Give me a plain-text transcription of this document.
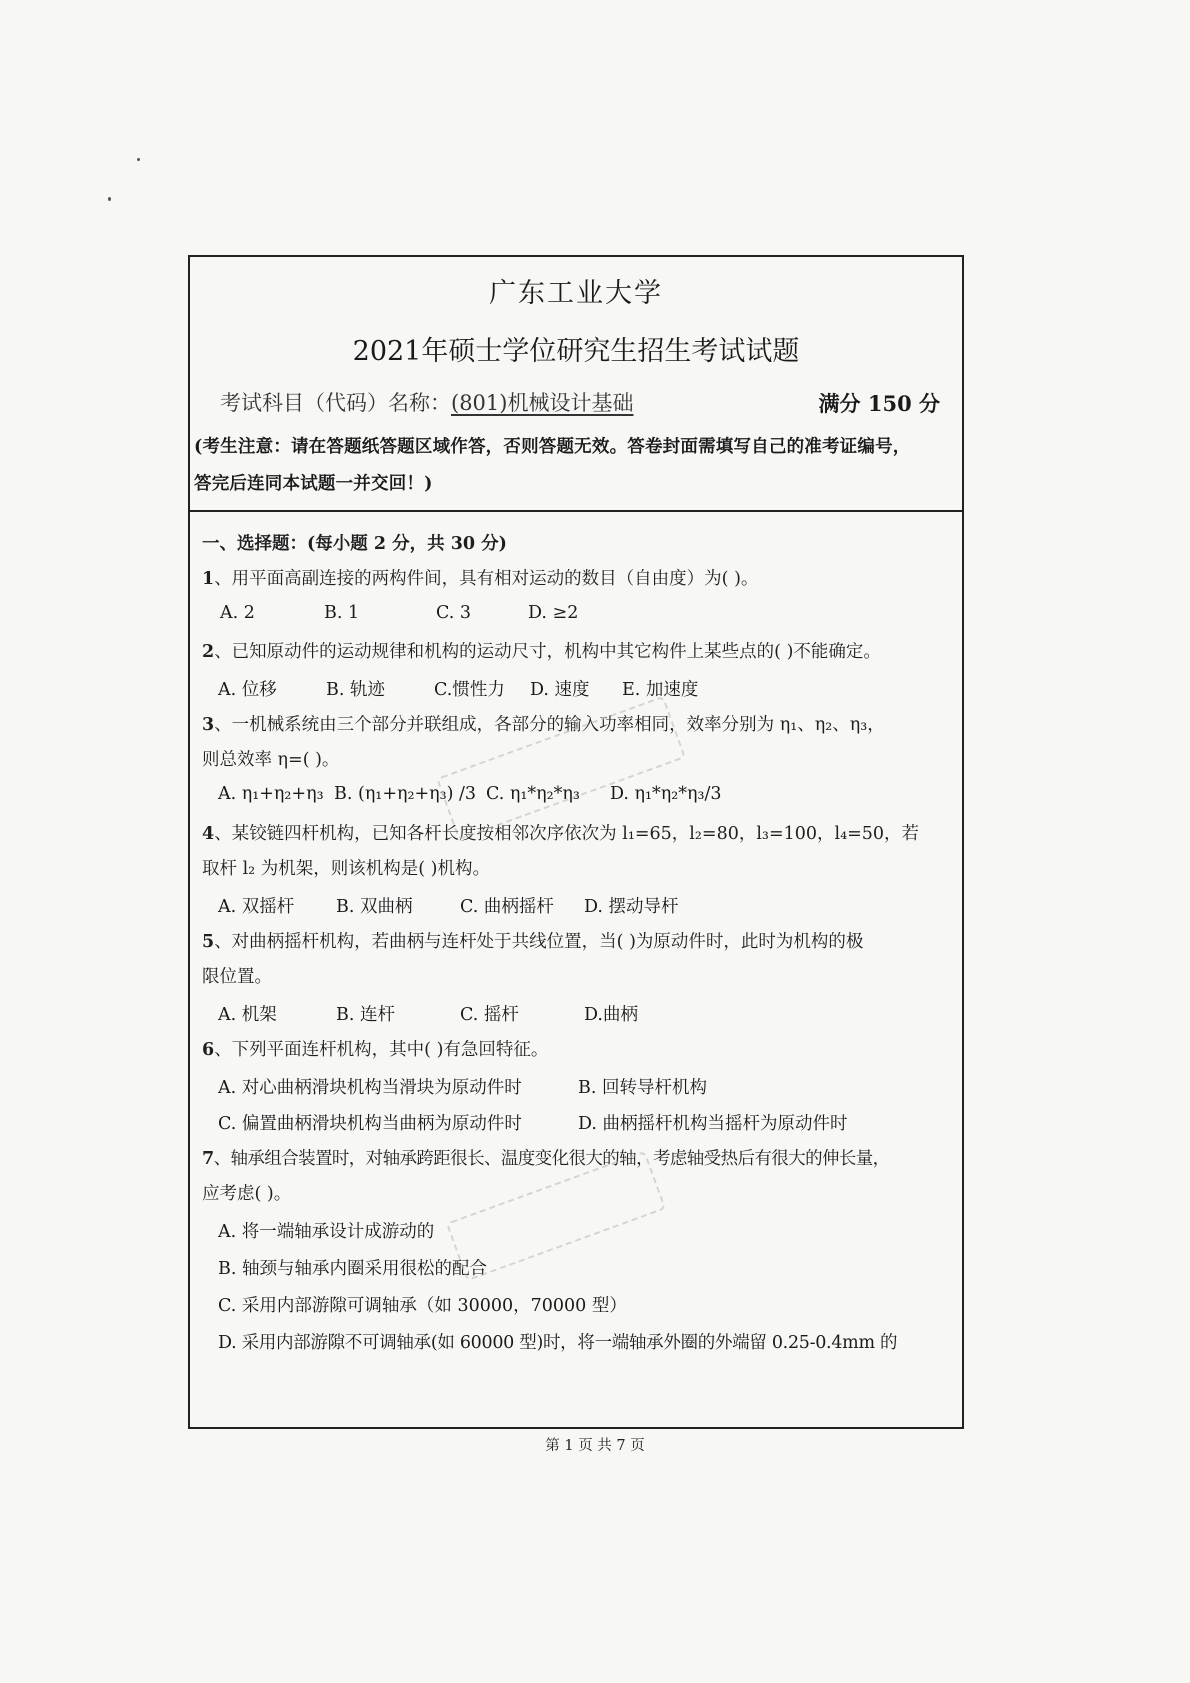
广东工业大学
2021年硕士学位研究生招生考试试题
考试科目（代码）名称：(801)机械设计基础	满分 150 分
(考生注意：请在答题纸答题区域作答，否则答题无效。答卷封面需填写自己的准考证编号，
答完后连同本试题一并交回！)
一、选择题：(每小题 2 分，共 30 分)
1、用平面高副连接的两构件间，具有相对运动的数目（自由度）为( )。
A. 2	B. 1	C. 3	D. ≥2
2、已知原动件的运动规律和机构的运动尺寸，机构中其它构件上某些点的( )不能确定。
A. 位移	B. 轨迹	C.惯性力 D. 速度 E. 加速度
3、一机械系统由三个部分并联组成，各部分的输入功率相同，效率分别为 η₁、η₂、η₃，
则总效率 η=( )。
A. η₁+η₂+η₃ B. (η₁+η₂+η₃) /3 C. η₁*η₂*η₃ D. η₁*η₂*η₃/3
4、某铰链四杆机构，已知各杆长度按相邻次序依次为 l₁=65，l₂=80，l₃=100，l₄=50，若
取杆 l₂ 为机架，则该机构是( )机构。
A. 双摇杆 B. 双曲柄	C. 曲柄摇杆 D. 摆动导杆
5、对曲柄摇杆机构，若曲柄与连杆处于共线位置，当( )为原动件时，此时为机构的极
限位置。
A. 机架	B. 连杆	C. 摇杆	D.曲柄
6、下列平面连杆机构，其中( )有急回特征。
A. 对心曲柄滑块机构当滑块为原动件时	B. 回转导杆机构
C. 偏置曲柄滑块机构当曲柄为原动件时	D. 曲柄摇杆机构当摇杆为原动件时
7、轴承组合装置时，对轴承跨距很长、温度变化很大的轴，考虑轴受热后有很大的伸长量，
应考虑( )。
A. 将一端轴承设计成游动的
B. 轴颈与轴承内圈采用很松的配合
C. 采用内部游隙可调轴承（如 30000，70000 型）
D. 采用内部游隙不可调轴承(如 60000 型)时，将一端轴承外圈的外端留 0.25-0.4mm 的
第 1 页 共 7 页
